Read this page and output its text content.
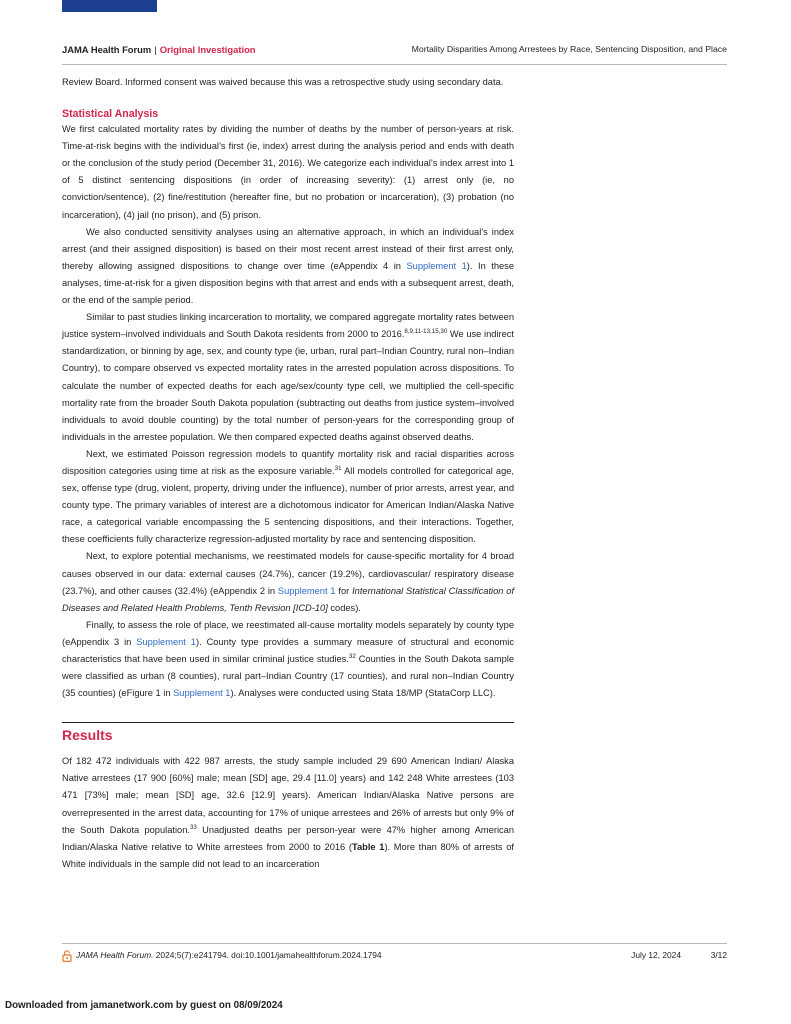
JAMA Health Forum | Original Investigation	Mortality Disparities Among Arrestees by Race, Sentencing Disposition, and Place

Review Board. Informed consent was waived because this was a retrospective study using secondary data.

Statistical Analysis

We first calculated mortality rates by dividing the number of deaths by the number of person-years at risk. Time-at-risk begins with the individual’s first (ie, index) arrest during the analysis period and ends with death or the conclusion of the study period (December 31, 2016). We categorize each individual’s index arrest into 1 of 5 distinct sentencing dispositions (in order of increasing severity): (1) arrest only (ie, no conviction/sentence), (2) fine/restitution (hereafter fine, but no probation or incarceration), (3) probation (no incarceration), (4) jail (no prison), and (5) prison.

We also conducted sensitivity analyses using an alternative approach, in which an individual’s index arrest (and their assigned disposition) is based on their most recent arrest instead of their first arrest only, thereby allowing assigned dispositions to change over time (eAppendix 4 in Supplement 1). In these analyses, time-at-risk for a given disposition begins with that arrest and ends with a subsequent arrest, death, or the end of the sample period.

Similar to past studies linking incarceration to mortality, we compared aggregate mortality rates between justice system–involved individuals and South Dakota residents from 2000 to 2016.$^{8,9,11-13,15,30}$ We use indirect standardization, or binning by age, sex, and county type (ie, urban, rural part–Indian Country, rural non–Indian Country), to compare observed vs expected mortality rates in the arrested population across dispositions. To calculate the number of expected deaths for each age/sex/county type cell, we multiplied the cell-specific mortality rate from the broader South Dakota population (subtracting out deaths from justice system–involved individuals to avoid double counting) by the total number of person-years for the corresponding group of individuals in the arrestee population. We then compared expected deaths against observed deaths.

Next, we estimated Poisson regression models to quantify mortality risk and racial disparities across disposition categories using time at risk as the exposure variable.$^{31}$ All models controlled for categorical age, sex, offense type (drug, violent, property, driving under the influence), number of prior arrests, arrest year, and county type. The primary variables of interest are a dichotomous indicator for American Indian/Alaska Native race, a categorical variable encompassing the 5 sentencing dispositions, and their interactions. Together, these coefficients fully characterize regression-adjusted mortality by race and sentencing disposition.

Next, to explore potential mechanisms, we reestimated models for cause-specific mortality for 4 broad causes observed in our data: external causes (24.7%), cancer (19.2%), cardiovascular/ respiratory disease (23.7%), and other causes (32.4%) (eAppendix 2 in Supplement 1 for International Statistical Classification of Diseases and Related Health Problems, Tenth Revision [ICD-10] codes).

Finally, to assess the role of place, we reestimated all-cause mortality models separately by county type (eAppendix 3 in Supplement 1). County type provides a summary measure of structural and economic characteristics that have been used in similar criminal justice studies.$^{32}$ Counties in the South Dakota sample were classified as urban (8 counties), rural part–Indian Country (17 counties), and rural non–Indian Country (35 counties) (eFigure 1 in Supplement 1). Analyses were conducted using Stata 18/MP (StataCorp LLC).

Results

Of 182 472 individuals with 422 987 arrests, the study sample included 29 690 American Indian/ Alaska Native arrestees (17 900 [60%] male; mean [SD] age, 29.4 [11.0] years) and 142 248 White arrestees (103 471 [73%] male; mean [SD] age, 32.6 [12.9] years). American Indian/Alaska Native persons are overrepresented in the arrest data, accounting for 17% of unique arrestees and 26% of arrests but only 9% of the South Dakota population.$^{33}$ Unadjusted deaths per person-year were 47% higher among American Indian/Alaska Native relative to White arrestees from 2000 to 2016 (Table 1). More than 80% of arrests of White individuals in the sample did not lead to an incarceration

JAMA Health Forum. 2024;5(7):e241794. doi:10.1001/jamahealthforum.2024.1794	July 12, 2024	3/12
Downloaded from jamanetwork.com by guest on 08/09/2024
